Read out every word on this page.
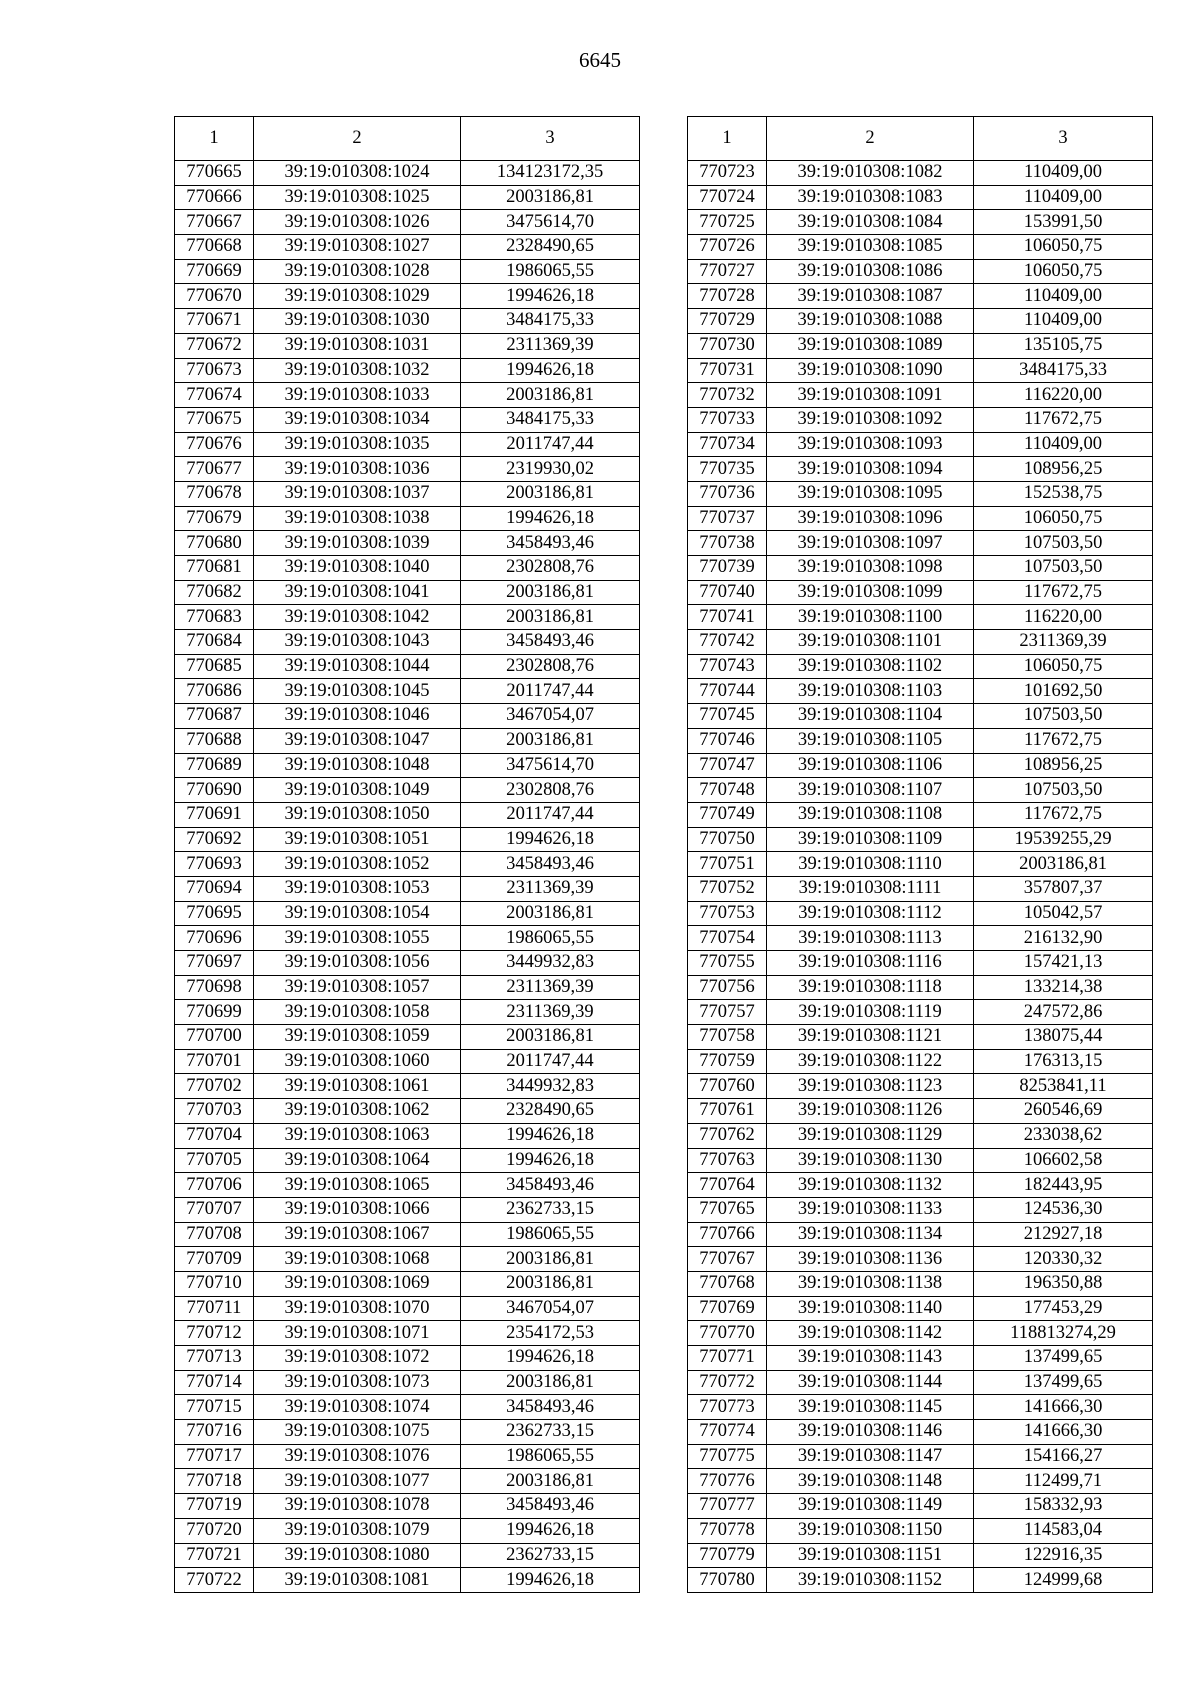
6645
1	2	3
770665	39:19:010308:1024	134123172,35
770666	39:19:010308:1025	2003186,81
770667	39:19:010308:1026	3475614,70
770668	39:19:010308:1027	2328490,65
770669	39:19:010308:1028	1986065,55
770670	39:19:010308:1029	1994626,18
770671	39:19:010308:1030	3484175,33
770672	39:19:010308:1031	2311369,39
770673	39:19:010308:1032	1994626,18
770674	39:19:010308:1033	2003186,81
770675	39:19:010308:1034	3484175,33
770676	39:19:010308:1035	2011747,44
770677	39:19:010308:1036	2319930,02
770678	39:19:010308:1037	2003186,81
770679	39:19:010308:1038	1994626,18
770680	39:19:010308:1039	3458493,46
770681	39:19:010308:1040	2302808,76
770682	39:19:010308:1041	2003186,81
770683	39:19:010308:1042	2003186,81
770684	39:19:010308:1043	3458493,46
770685	39:19:010308:1044	2302808,76
770686	39:19:010308:1045	2011747,44
770687	39:19:010308:1046	3467054,07
770688	39:19:010308:1047	2003186,81
770689	39:19:010308:1048	3475614,70
770690	39:19:010308:1049	2302808,76
770691	39:19:010308:1050	2011747,44
770692	39:19:010308:1051	1994626,18
770693	39:19:010308:1052	3458493,46
770694	39:19:010308:1053	2311369,39
770695	39:19:010308:1054	2003186,81
770696	39:19:010308:1055	1986065,55
770697	39:19:010308:1056	3449932,83
770698	39:19:010308:1057	2311369,39
770699	39:19:010308:1058	2311369,39
770700	39:19:010308:1059	2003186,81
770701	39:19:010308:1060	2011747,44
770702	39:19:010308:1061	3449932,83
770703	39:19:010308:1062	2328490,65
770704	39:19:010308:1063	1994626,18
770705	39:19:010308:1064	1994626,18
770706	39:19:010308:1065	3458493,46
770707	39:19:010308:1066	2362733,15
770708	39:19:010308:1067	1986065,55
770709	39:19:010308:1068	2003186,81
770710	39:19:010308:1069	2003186,81
770711	39:19:010308:1070	3467054,07
770712	39:19:010308:1071	2354172,53
770713	39:19:010308:1072	1994626,18
770714	39:19:010308:1073	2003186,81
770715	39:19:010308:1074	3458493,46
770716	39:19:010308:1075	2362733,15
770717	39:19:010308:1076	1986065,55
770718	39:19:010308:1077	2003186,81
770719	39:19:010308:1078	3458493,46
770720	39:19:010308:1079	1994626,18
770721	39:19:010308:1080	2362733,15
770722	39:19:010308:1081	1994626,18
1	2	3
770723	39:19:010308:1082	110409,00
770724	39:19:010308:1083	110409,00
770725	39:19:010308:1084	153991,50
770726	39:19:010308:1085	106050,75
770727	39:19:010308:1086	106050,75
770728	39:19:010308:1087	110409,00
770729	39:19:010308:1088	110409,00
770730	39:19:010308:1089	135105,75
770731	39:19:010308:1090	3484175,33
770732	39:19:010308:1091	116220,00
770733	39:19:010308:1092	117672,75
770734	39:19:010308:1093	110409,00
770735	39:19:010308:1094	108956,25
770736	39:19:010308:1095	152538,75
770737	39:19:010308:1096	106050,75
770738	39:19:010308:1097	107503,50
770739	39:19:010308:1098	107503,50
770740	39:19:010308:1099	117672,75
770741	39:19:010308:1100	116220,00
770742	39:19:010308:1101	2311369,39
770743	39:19:010308:1102	106050,75
770744	39:19:010308:1103	101692,50
770745	39:19:010308:1104	107503,50
770746	39:19:010308:1105	117672,75
770747	39:19:010308:1106	108956,25
770748	39:19:010308:1107	107503,50
770749	39:19:010308:1108	117672,75
770750	39:19:010308:1109	19539255,29
770751	39:19:010308:1110	2003186,81
770752	39:19:010308:1111	357807,37
770753	39:19:010308:1112	105042,57
770754	39:19:010308:1113	216132,90
770755	39:19:010308:1116	157421,13
770756	39:19:010308:1118	133214,38
770757	39:19:010308:1119	247572,86
770758	39:19:010308:1121	138075,44
770759	39:19:010308:1122	176313,15
770760	39:19:010308:1123	8253841,11
770761	39:19:010308:1126	260546,69
770762	39:19:010308:1129	233038,62
770763	39:19:010308:1130	106602,58
770764	39:19:010308:1132	182443,95
770765	39:19:010308:1133	124536,30
770766	39:19:010308:1134	212927,18
770767	39:19:010308:1136	120330,32
770768	39:19:010308:1138	196350,88
770769	39:19:010308:1140	177453,29
770770	39:19:010308:1142	118813274,29
770771	39:19:010308:1143	137499,65
770772	39:19:010308:1144	137499,65
770773	39:19:010308:1145	141666,30
770774	39:19:010308:1146	141666,30
770775	39:19:010308:1147	154166,27
770776	39:19:010308:1148	112499,71
770777	39:19:010308:1149	158332,93
770778	39:19:010308:1150	114583,04
770779	39:19:010308:1151	122916,35
770780	39:19:010308:1152	124999,68
